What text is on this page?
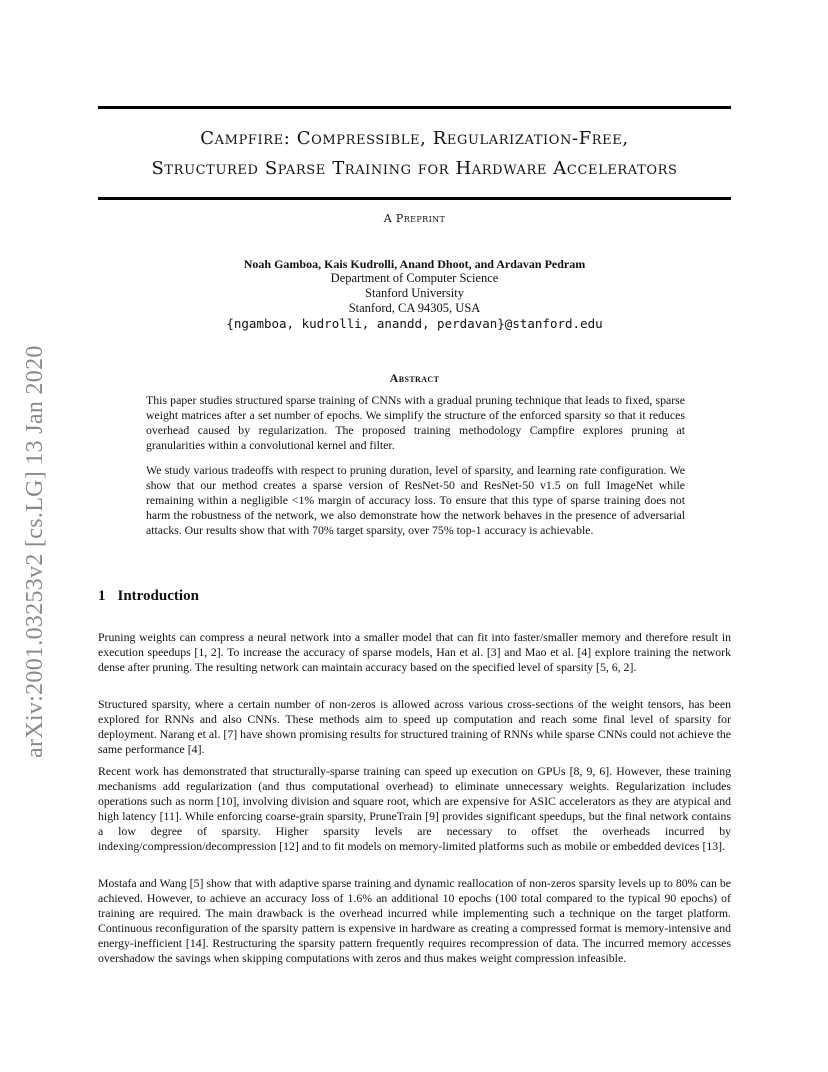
arXiv:2001.03253v2 [cs.LG] 13 Jan 2020
Campfire: Compressible, Regularization-Free,
Structured Sparse Training for Hardware Accelerators
A Preprint
Noah Gamboa, Kais Kudrolli, Anand Dhoot, and Ardavan Pedram
Department of Computer Science
Stanford University
Stanford, CA 94305, USA
{ngamboa, kudrolli, anandd, perdavan}@stanford.edu
Abstract
This paper studies structured sparse training of CNNs with a gradual pruning technique that leads to fixed, sparse weight matrices after a set number of epochs. We simplify the structure of the enforced sparsity so that it reduces overhead caused by regularization. The proposed training methodology Campfire explores pruning at granularities within a convolutional kernel and filter.
We study various tradeoffs with respect to pruning duration, level of sparsity, and learning rate configuration. We show that our method creates a sparse version of ResNet-50 and ResNet-50 v1.5 on full ImageNet while remaining within a negligible <1% margin of accuracy loss. To ensure that this type of sparse training does not harm the robustness of the network, we also demonstrate how the network behaves in the presence of adversarial attacks. Our results show that with 70% target sparsity, over 75% top-1 accuracy is achievable.
1 Introduction
Pruning weights can compress a neural network into a smaller model that can fit into faster/smaller memory and therefore result in execution speedups [1, 2]. To increase the accuracy of sparse models, Han et al. [3] and Mao et al. [4] explore training the network dense after pruning. The resulting network can maintain accuracy based on the specified level of sparsity [5, 6, 2].
Structured sparsity, where a certain number of non-zeros is allowed across various cross-sections of the weight tensors, has been explored for RNNs and also CNNs. These methods aim to speed up computation and reach some final level of sparsity for deployment. Narang et al. [7] have shown promising results for structured training of RNNs while sparse CNNs could not achieve the same performance [4].
Recent work has demonstrated that structurally-sparse training can speed up execution on GPUs [8, 9, 6]. However, these training mechanisms add regularization (and thus computational overhead) to eliminate unnecessary weights. Regularization includes operations such as norm [10], involving division and square root, which are expensive for ASIC accelerators as they are atypical and high latency [11]. While enforcing coarse-grain sparsity, PruneTrain [9] provides significant speedups, but the final network contains a low degree of sparsity. Higher sparsity levels are necessary to offset the overheads incurred by indexing/compression/decompression [12] and to fit models on memory-limited platforms such as mobile or embedded devices [13].
Mostafa and Wang [5] show that with adaptive sparse training and dynamic reallocation of non-zeros sparsity levels up to 80% can be achieved. However, to achieve an accuracy loss of 1.6% an additional 10 epochs (100 total compared to the typical 90 epochs) of training are required. The main drawback is the overhead incurred while implementing such a technique on the target platform. Continuous reconfiguration of the sparsity pattern is expensive in hardware as creating a compressed format is memory-intensive and energy-inefficient [14]. Restructuring the sparsity pattern frequently requires recompression of data. The incurred memory accesses overshadow the savings when skipping computations with zeros and thus makes weight compression infeasible.
